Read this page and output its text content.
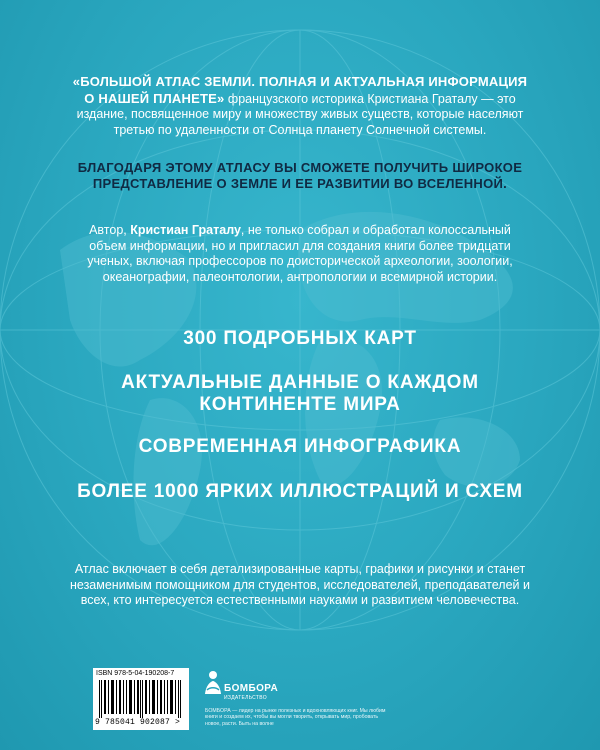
«БОЛЬШОЙ АТЛАС ЗЕМЛИ. ПОЛНАЯ И АКТУАЛЬНАЯ ИНФОРМАЦИЯ О НАШЕЙ ПЛАНЕТЕ» французского историка Кристиана Граталу — это издание, посвященное миру и множеству живых существ, которые населяют третью по удаленности от Солнца планету Солнечной системы.
БЛАГОДАРЯ ЭТОМУ АТЛАСУ ВЫ СМОЖЕТЕ ПОЛУЧИТЬ ШИРОКОЕ ПРЕДСТАВЛЕНИЕ О ЗЕМЛЕ И ЕЕ РАЗВИТИИ ВО ВСЕЛЕННОЙ.
Автор, Кристиан Граталу, не только собрал и обработал колоссальный объем информации, но и пригласил для создания книги более тридцати ученых, включая профессоров по доисторической археологии, зоологии, океанографии, палеонтологии, антропологии и всемирной истории.
300 ПОДРОБНЫХ КАРТ
АКТУАЛЬНЫЕ ДАННЫЕ О КАЖДОМ КОНТИНЕНТЕ МИРА
СОВРЕМЕННАЯ ИНФОГРАФИКА
БОЛЕЕ 1000 ЯРКИХ ИЛЛЮСТРАЦИЙ И СХЕМ
Атлас включает в себя детализированные карты, графики и рисунки и станет незаменимым помощником для студентов, исследователей, преподавателей и всех, кто интересуется естественными науками и развитием человечества.
ISBN 978-5-04-190208-7
9 785041 902087 >
БОМБОРА
ИЗДАТЕЛЬСТВО
БОМБОРА — лидер на рынке полезных и вдохновляющих книг. Мы любим книги и создаем их, чтобы вы могли творить, открывать мир, пробовать новое, расти. Быть на волне
